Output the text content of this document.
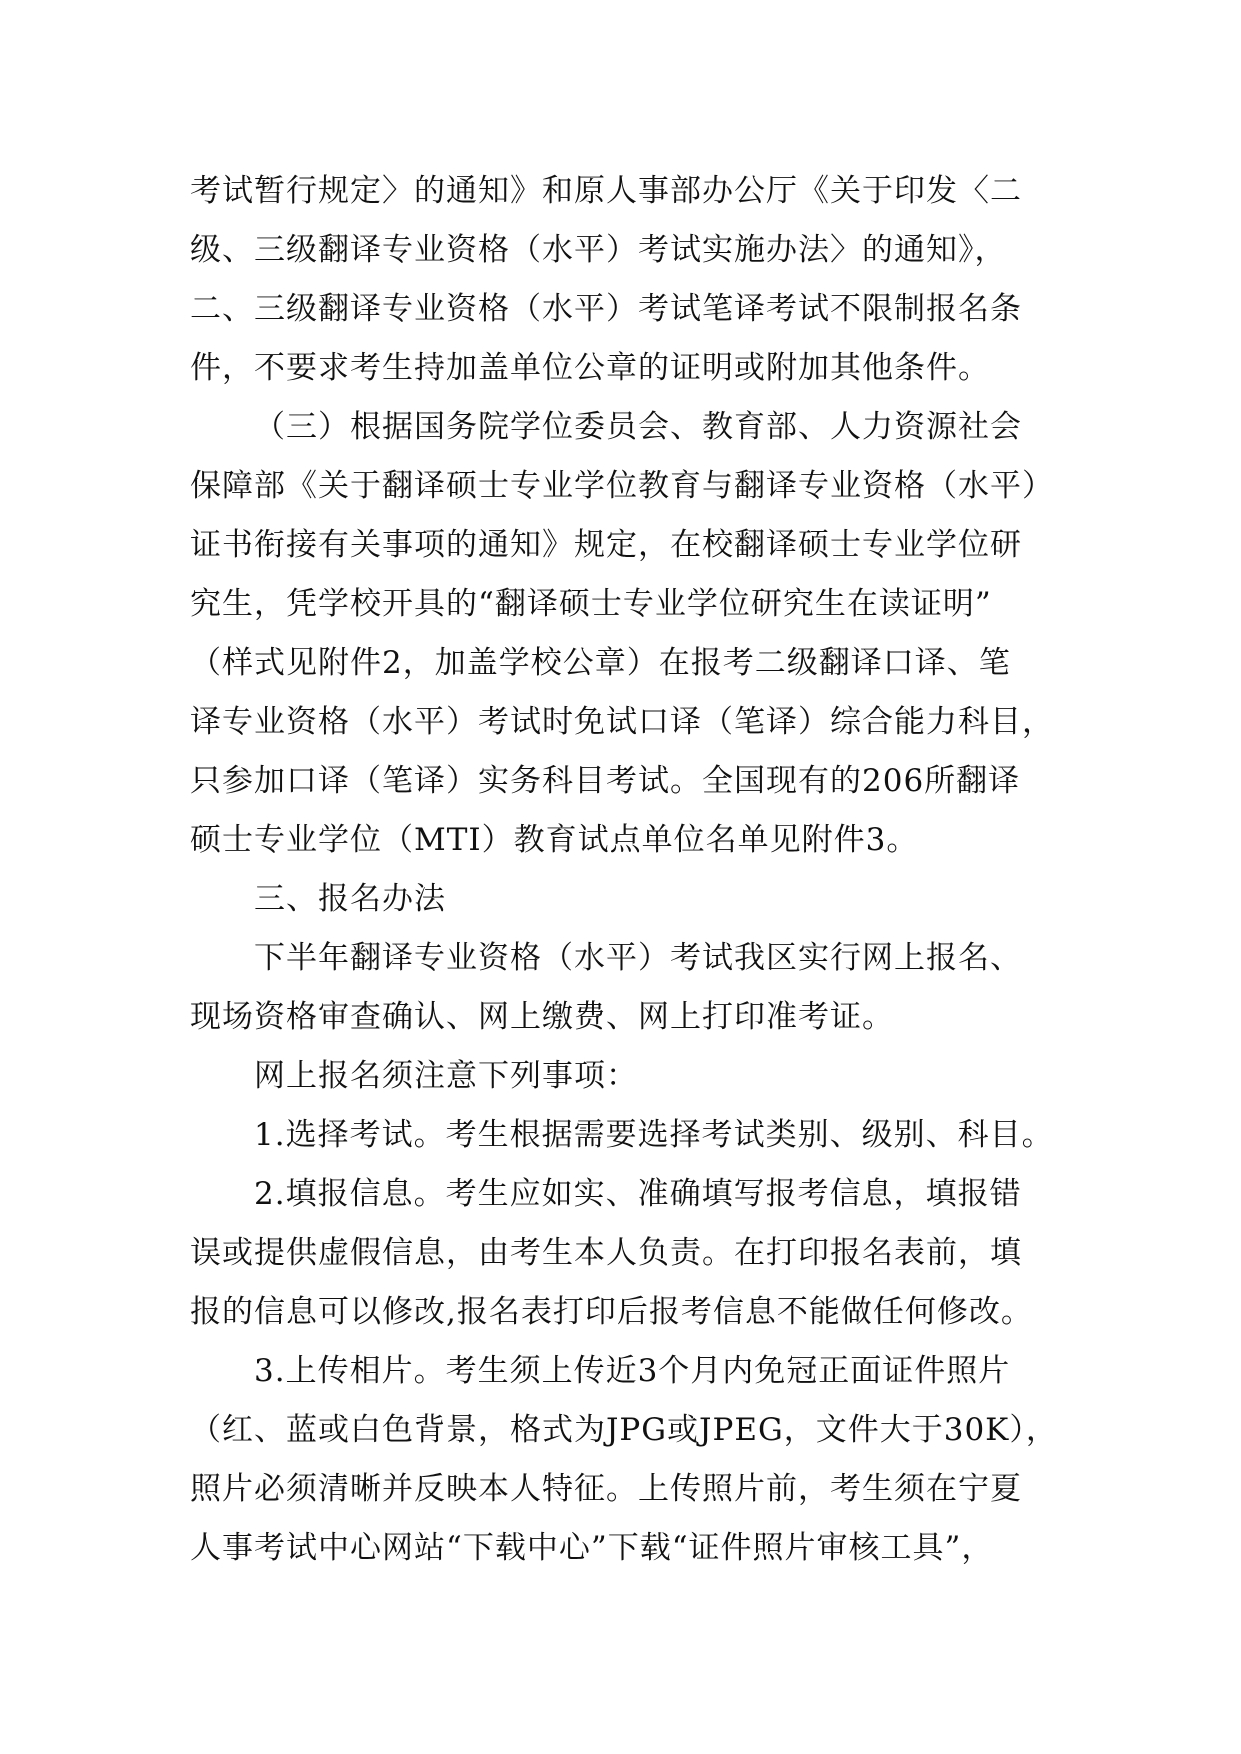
考试暂行规定〉的通知》和原人事部办公厅《关于印发〈二
级、三级翻译专业资格（水平）考试实施办法〉的通知》，
二、三级翻译专业资格（水平）考试笔译考试不限制报名条
件，不要求考生持加盖单位公章的证明或附加其他条件。
（三）根据国务院学位委员会、教育部、人力资源社会
保障部《关于翻译硕士专业学位教育与翻译专业资格（水平）
证书衔接有关事项的通知》规定，在校翻译硕士专业学位研
究生，凭学校开具的“翻译硕士专业学位研究生在读证明”
（样式见附件2，加盖学校公章）在报考二级翻译口译、笔
译专业资格（水平）考试时免试口译（笔译）综合能力科目，
只参加口译（笔译）实务科目考试。全国现有的206所翻译
硕士专业学位（MTI）教育试点单位名单见附件3。
三、报名办法
下半年翻译专业资格（水平）考试我区实行网上报名、
现场资格审查确认、网上缴费、网上打印准考证。
网上报名须注意下列事项：
1.选择考试。考生根据需要选择考试类别、级别、科目。
2.填报信息。考生应如实、准确填写报考信息，填报错
误或提供虚假信息，由考生本人负责。在打印报名表前，填
报的信息可以修改,报名表打印后报考信息不能做任何修改。
3.上传相片。考生须上传近3个月内免冠正面证件照片
（红、蓝或白色背景，格式为JPG或JPEG，文件大于30K），
照片必须清晰并反映本人特征。上传照片前，考生须在宁夏
人事考试中心网站“下载中心”下载“证件照片审核工具”，
